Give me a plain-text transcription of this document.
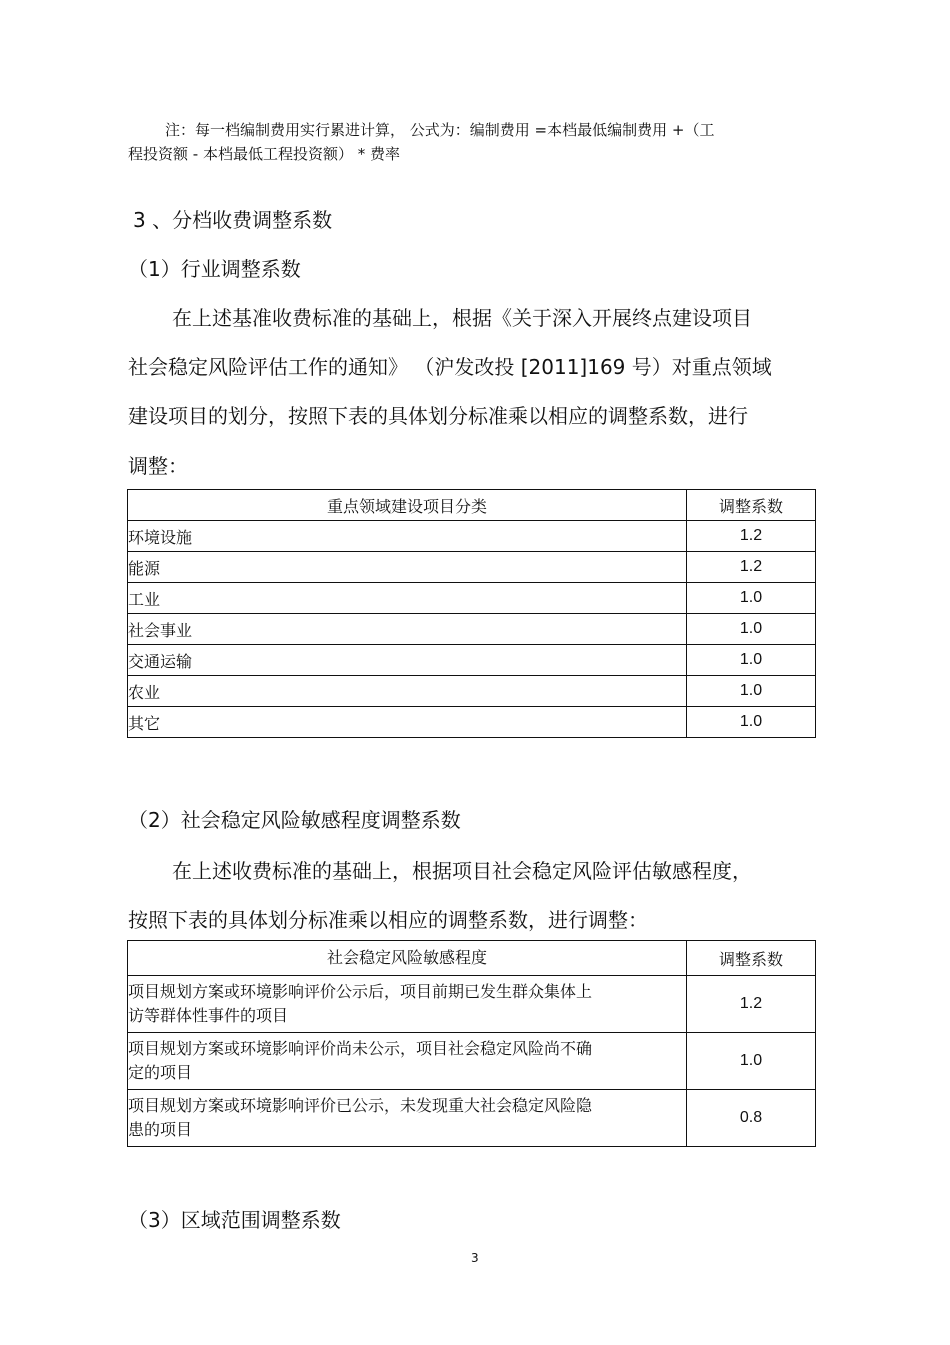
注：每一档编制费用实行累进计算， 公式为：编制费用 =本档最低编制费用 +（工
程投资额 - 本档最低工程投资额） * 费率
3 、分档收费调整系数
（1）行业调整系数
在上述基准收费标准的基础上，根据《关于深入开展终点建设项目
社会稳定风险评估工作的通知》 （沪发改投 [2011]169 号）对重点领域
建设项目的划分，按照下表的具体划分标准乘以相应的调整系数，进行
调整：
重点领域建设项目分类	调整系数
环境设施	1.2
能源	1.2
工业	1.0
社会事业	1.0
交通运输	1.0
农业	1.0
其它	1.0
（2）社会稳定风险敏感程度调整系数
在上述收费标准的基础上，根据项目社会稳定风险评估敏感程度，
按照下表的具体划分标准乘以相应的调整系数，进行调整：
社会稳定风险敏感程度	调整系数

项目规划方案或环境影响评价公示后，项目前期已发生群众集体上
访等群体性事件的项目	1.2

项目规划方案或环境影响评价尚未公示，项目社会稳定风险尚不确
定的项目	1.0

项目规划方案或环境影响评价已公示，未发现重大社会稳定风险隐
患的项目	0.8
（3）区域范围调整系数
3
